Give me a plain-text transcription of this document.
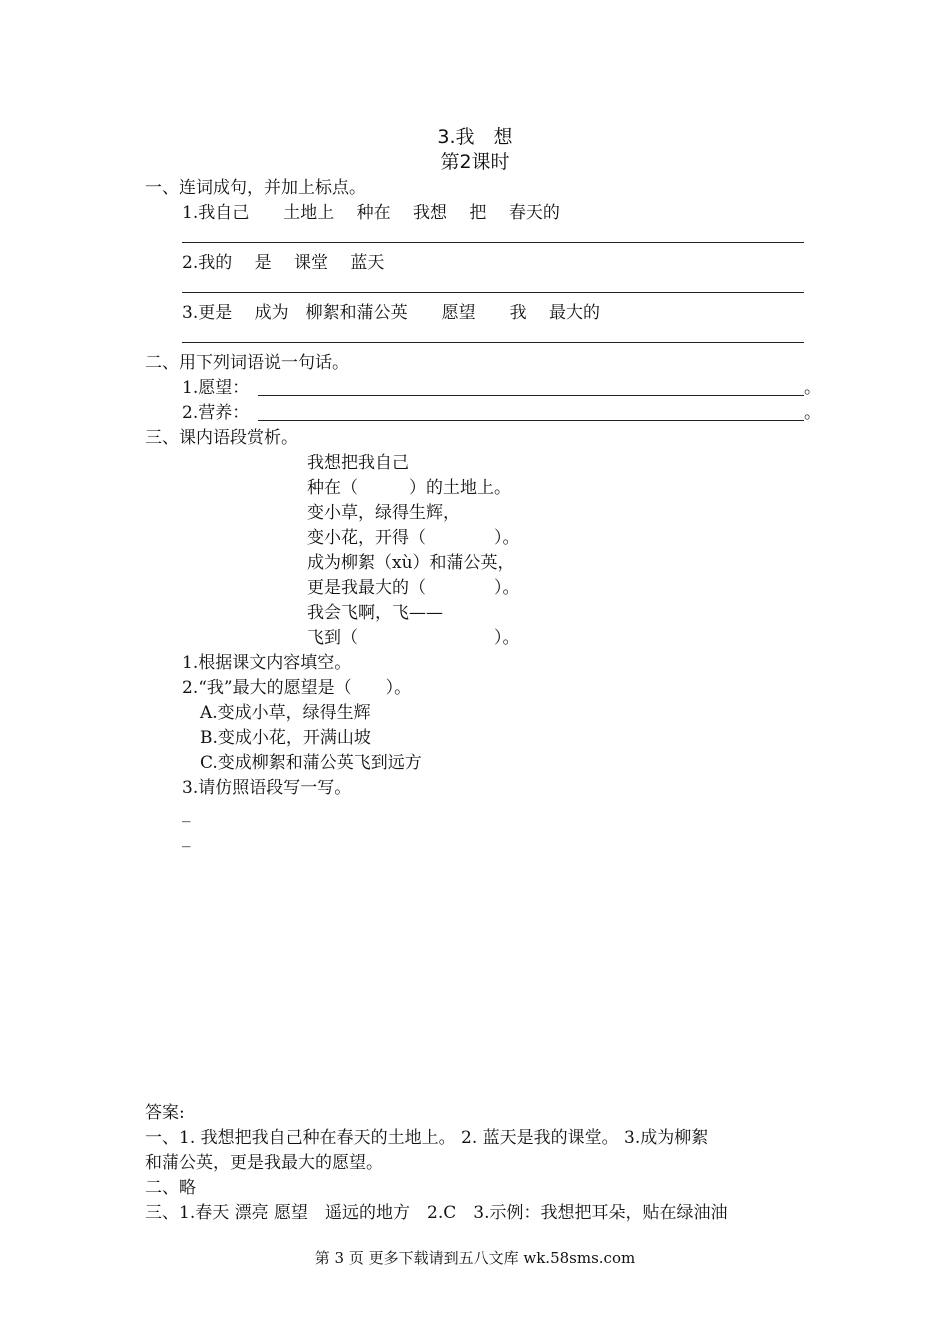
3.我　想
第2课时
一、连词成句，并加上标点。
1.我自己　　土地上　 种在　 我想　 把　 春天的
2.我的　 是　 课堂　 蓝天
3.更是　 成为　柳絮和蒲公英　　愿望　　我　 最大的
二、用下列词语说一句话。
1.愿望：	。
2.营养：	。
三、课内语段赏析。
我想把我自己
种在（　　　）的土地上。
变小草，绿得生辉，
变小花，开得（　　　　）。
成为柳絮（xù）和蒲公英，
更是我最大的（　　　　）。
我会飞啊，飞——
飞到（　　　　　　　　）。
1.根据课文内容填空。
2.“我”最大的愿望是（　　）。
A.变成小草，绿得生辉
B.变成小花，开满山坡
C.变成柳絮和蒲公英飞到远方
3.请仿照语段写一写。
_
_
答案:
一、1. 我想把我自己种在春天的土地上。 2. 蓝天是我的课堂。 3.成为柳絮
和蒲公英，更是我最大的愿望。
二、略
三、1.春天 漂亮 愿望　遥远的地方　2.C　3.示例：我想把耳朵，贴在绿油油
第 3 页 更多下载请到五八文库 wk.58sms.com
